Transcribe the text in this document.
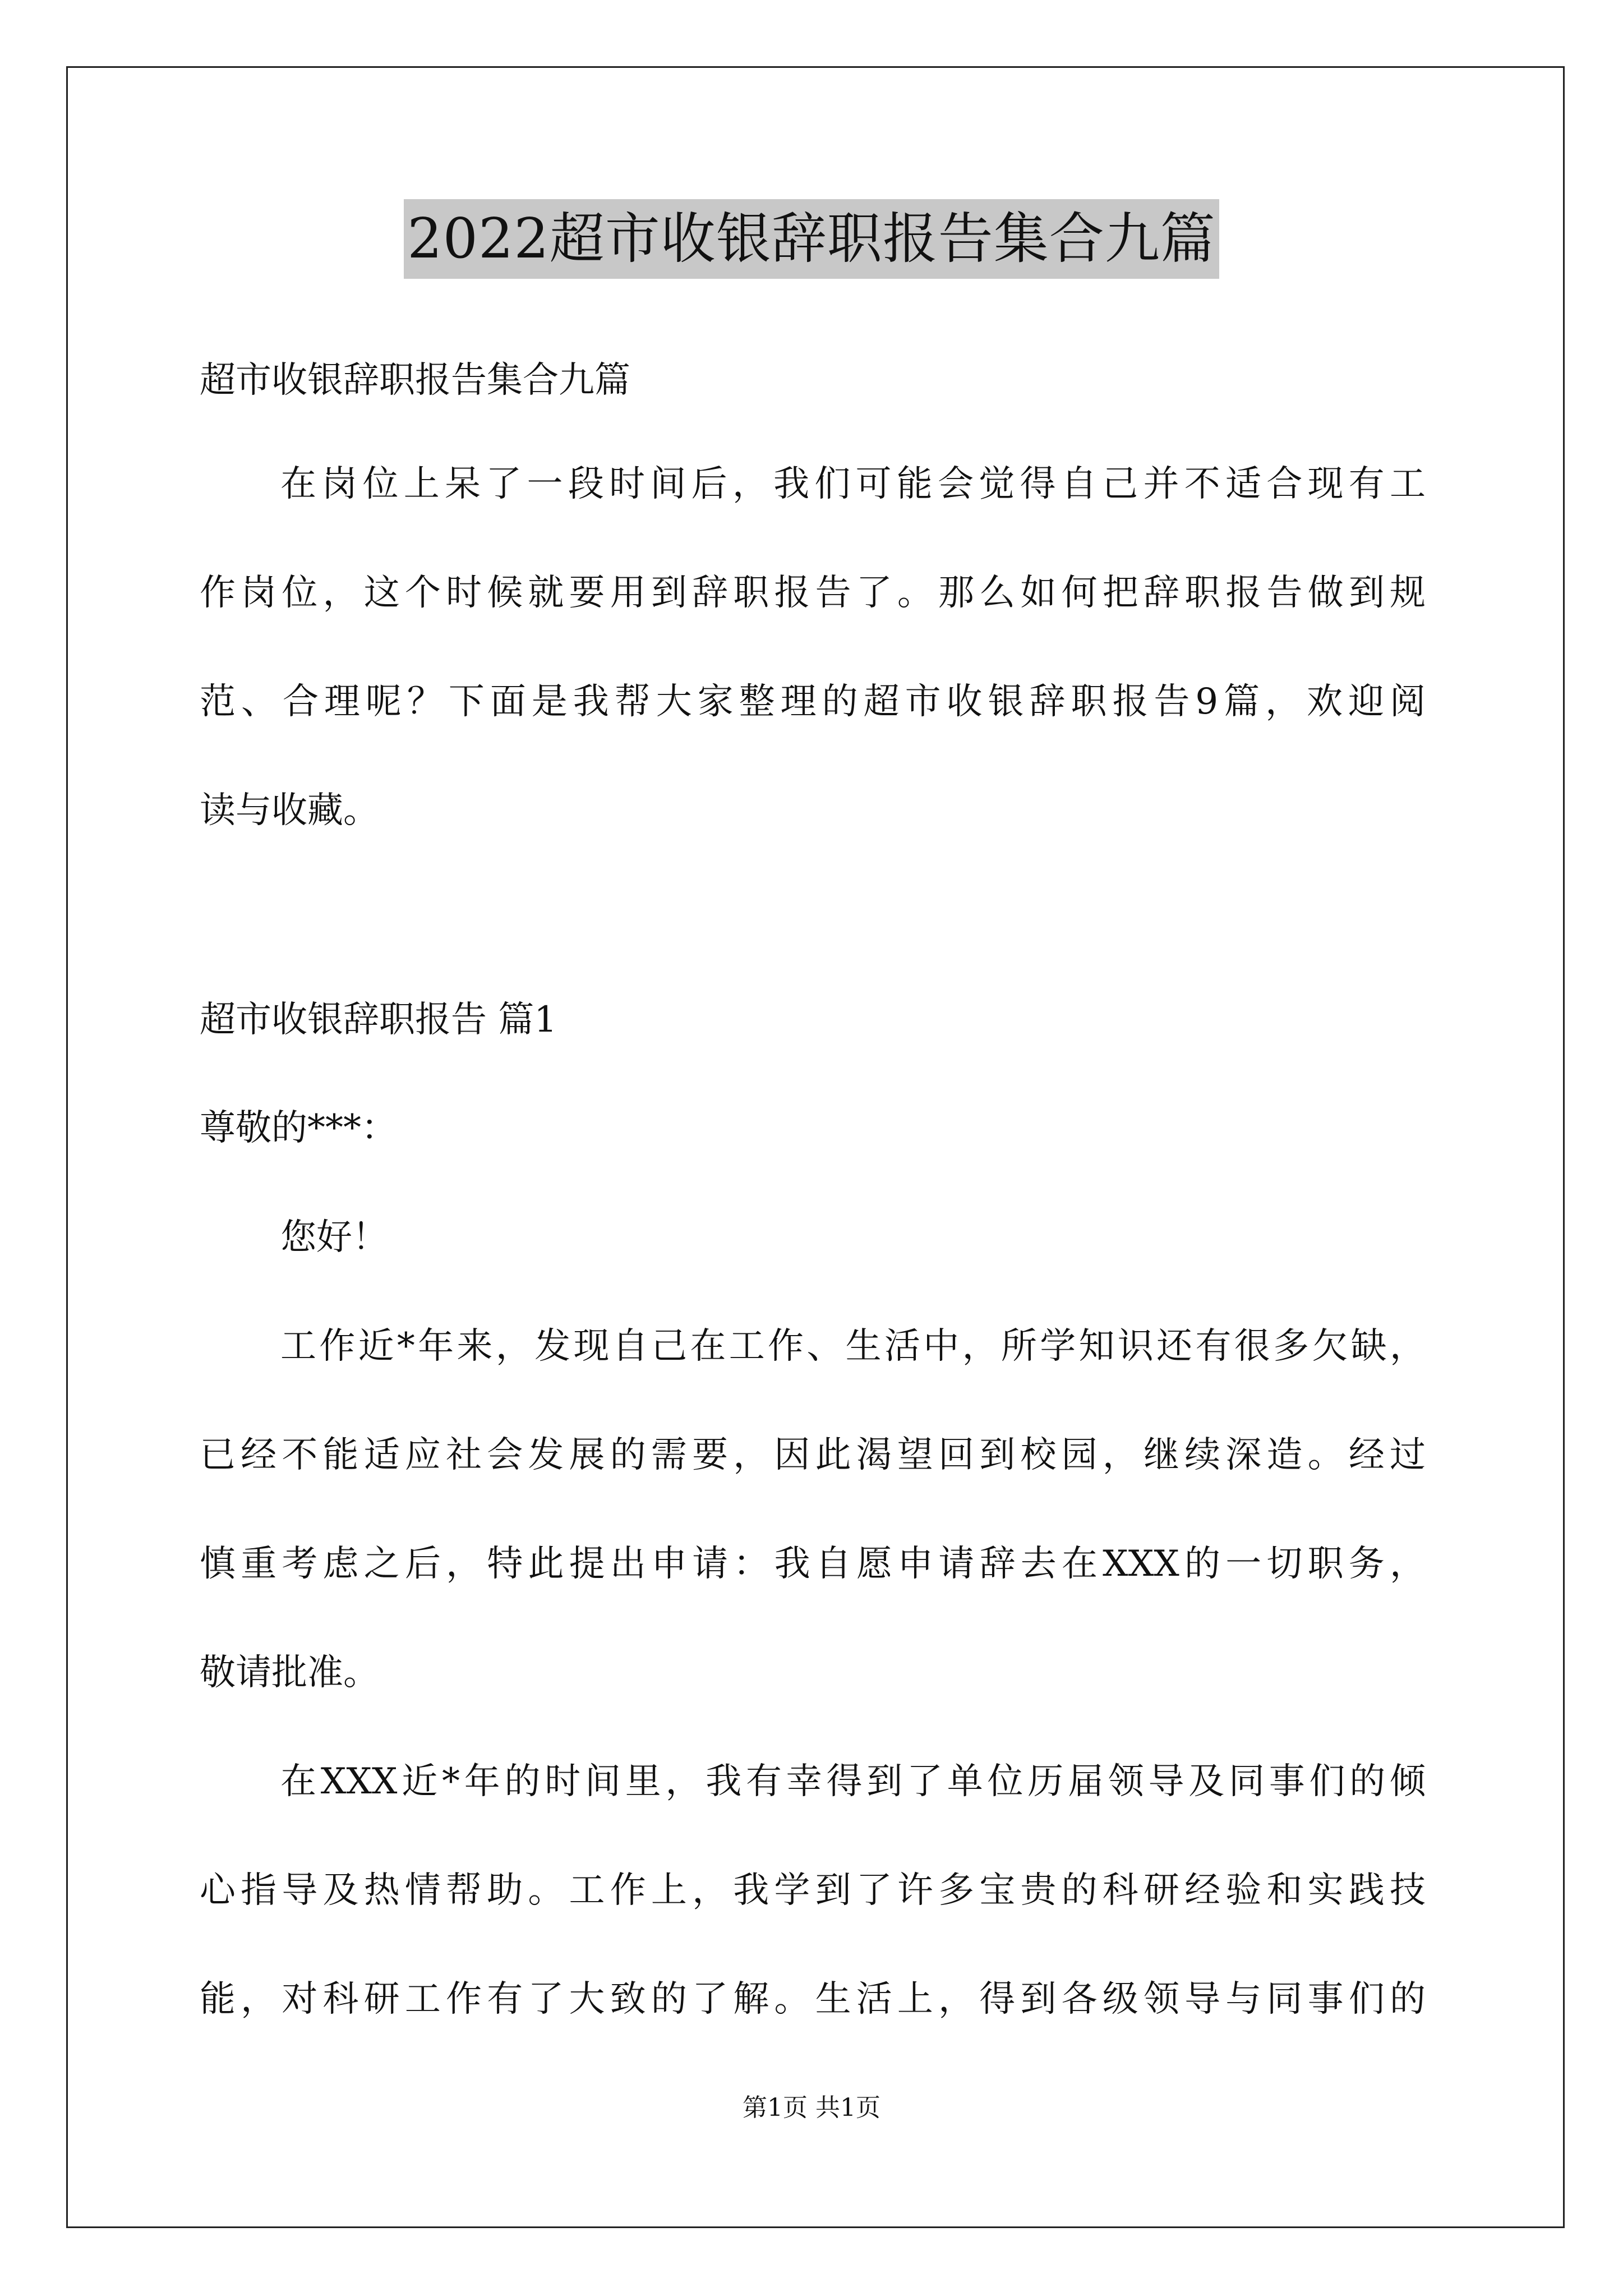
2022超市收银辞职报告集合九篇
超市收银辞职报告集合九篇
在岗位上呆了一段时间后，我们可能会觉得自己并不适合现有工
作岗位，这个时候就要用到辞职报告了。那么如何把辞职报告做到规
范、合理呢？下面是我帮大家整理的超市收银辞职报告9篇，欢迎阅
读与收藏。
超市收银辞职报告 篇1
尊敬的***：
您好！
工作近*年来，发现自己在工作、生活中，所学知识还有很多欠缺，
已经不能适应社会发展的需要，因此渴望回到校园，继续深造。经过
慎重考虑之后，特此提出申请：我自愿申请辞去在XXX的一切职务，
敬请批准。
在XXX近*年的时间里，我有幸得到了单位历届领导及同事们的倾
心指导及热情帮助。工作上，我学到了许多宝贵的科研经验和实践技
能，对科研工作有了大致的了解。生活上，得到各级领导与同事们的
第1页 共1页
